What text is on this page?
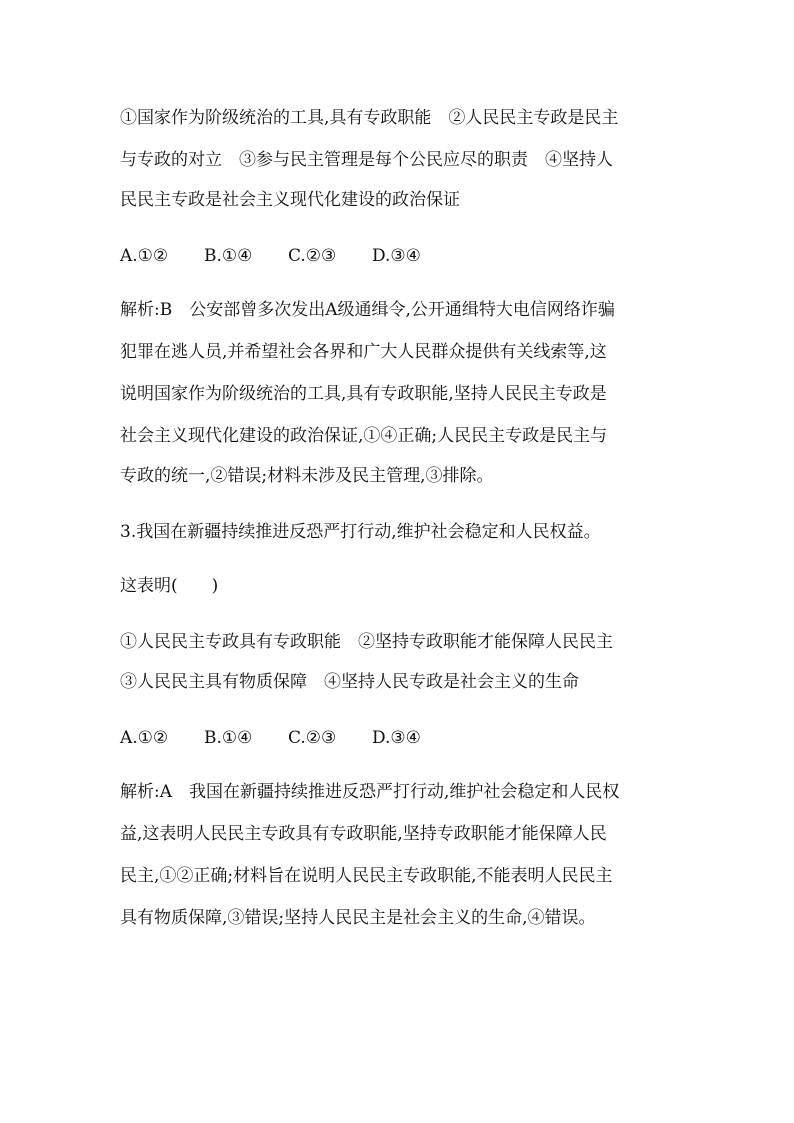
①国家作为阶级统治的工具,具有专政职能　②人民民主专政是民主
与专政的对立　③参与民主管理是每个公民应尽的职责　④坚持人
民民主专政是社会主义现代化建设的政治保证
A.①② B.①④ C.②③ D.③④
解析:B　公安部曾多次发出A级通缉令,公开通缉特大电信网络诈骗
犯罪在逃人员,并希望社会各界和广大人民群众提供有关线索等,这
说明国家作为阶级统治的工具,具有专政职能,坚持人民民主专政是
社会主义现代化建设的政治保证,①④正确;人民民主专政是民主与
专政的统一,②错误;材料未涉及民主管理,③排除。
3.我国在新疆持续推进反恐严打行动,维护社会稳定和人民权益。
这表明(　　)
①人民民主专政具有专政职能　②坚持专政职能才能保障人民民主
③人民民主具有物质保障　④坚持人民专政是社会主义的生命
A.①② B.①④ C.②③ D.③④
解析:A　我国在新疆持续推进反恐严打行动,维护社会稳定和人民权
益,这表明人民民主专政具有专政职能,坚持专政职能才能保障人民
民主,①②正确;材料旨在说明人民民主专政职能,不能表明人民民主
具有物质保障,③错误;坚持人民民主是社会主义的生命,④错误。
